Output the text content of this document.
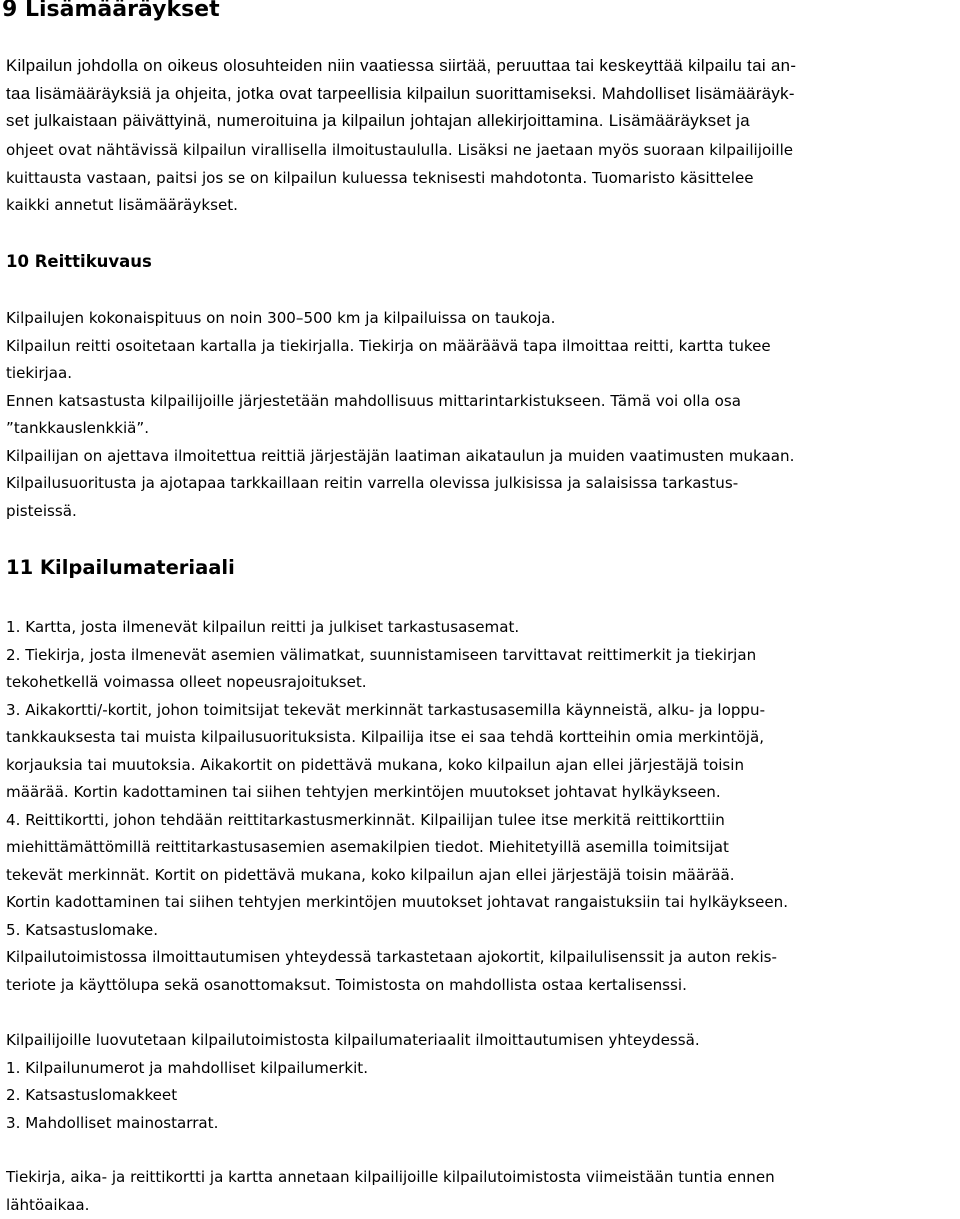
9 Lisämääräykset
Kilpailun johdolla on oikeus olosuhteiden niin vaatiessa siirtää, peruuttaa tai keskeyttää kilpailu tai an-
taa lisämääräyksiä ja ohjeita, jotka ovat tarpeellisia kilpailun suorittamiseksi. Mahdolliset lisämääräyk-
set julkaistaan päivättyinä, numeroituina ja kilpailun johtajan allekirjoittamina. Lisämääräykset ja
ohjeet ovat nähtävissä kilpailun virallisella ilmoitustaululla. Lisäksi ne jaetaan myös suoraan kilpailijoille
kuittausta vastaan, paitsi jos se on kilpailun kuluessa teknisesti mahdotonta. Tuomaristo käsittelee
kaikki annetut lisämääräykset.
10 Reittikuvaus
Kilpailujen kokonaispituus on noin 300–500 km ja kilpailuissa on taukoja.
Kilpailun reitti osoitetaan kartalla ja tiekirjalla. Tiekirja on määräävä tapa ilmoittaa reitti, kartta tukee
tiekirjaa.
Ennen katsastusta kilpailijoille järjestetään mahdollisuus mittarintarkistukseen. Tämä voi olla osa
”tankkauslenkkiä”.
Kilpailijan on ajettava ilmoitettua reittiä järjestäjän laatiman aikataulun ja muiden vaatimusten mukaan.
Kilpailusuoritusta ja ajotapaa tarkkaillaan reitin varrella olevissa julkisissa ja salaisissa tarkastus-
pisteissä.
11 Kilpailumateriaali
1. Kartta, josta ilmenevät kilpailun reitti ja julkiset tarkastusasemat.
2. Tiekirja, josta ilmenevät asemien välimatkat, suunnistamiseen tarvittavat reittimerkit ja tiekirjan
tekohetkellä voimassa olleet nopeusrajoitukset.
3. Aikakortti/-kortit, johon toimitsijat tekevät merkinnät tarkastusasemilla käynneistä, alku- ja loppu-
tankkauksesta tai muista kilpailusuorituksista. Kilpailija itse ei saa tehdä kortteihin omia merkintöjä,
korjauksia tai muutoksia. Aikakortit on pidettävä mukana, koko kilpailun ajan ellei järjestäjä toisin
määrää. Kortin kadottaminen tai siihen tehtyjen merkintöjen muutokset johtavat hylkäykseen.
4. Reittikortti, johon tehdään reittitarkastusmerkinnät. Kilpailijan tulee itse merkitä reittikorttiin
miehittämättömillä reittitarkastusasemien asemakilpien tiedot. Miehitetyillä asemilla toimitsijat
tekevät merkinnät. Kortit on pidettävä mukana, koko kilpailun ajan ellei järjestäjä toisin määrää.
Kortin kadottaminen tai siihen tehtyjen merkintöjen muutokset johtavat rangaistuksiin tai hylkäykseen.
5. Katsastuslomake.
Kilpailutoimistossa ilmoittautumisen yhteydessä tarkastetaan ajokortit, kilpailulisenssit ja auton rekis-
teriote ja käyttölupa sekä osanottomaksut. Toimistosta on mahdollista ostaa kertalisenssi.
Kilpailijoille luovutetaan kilpailutoimistosta kilpailumateriaalit ilmoittautumisen yhteydessä.
1. Kilpailunumerot ja mahdolliset kilpailumerkit.
2. Katsastuslomakkeet
3. Mahdolliset mainostarrat.
Tiekirja, aika- ja reittikortti ja kartta annetaan kilpailijoille kilpailutoimistosta viimeistään tuntia ennen
lähtöaikaa.
